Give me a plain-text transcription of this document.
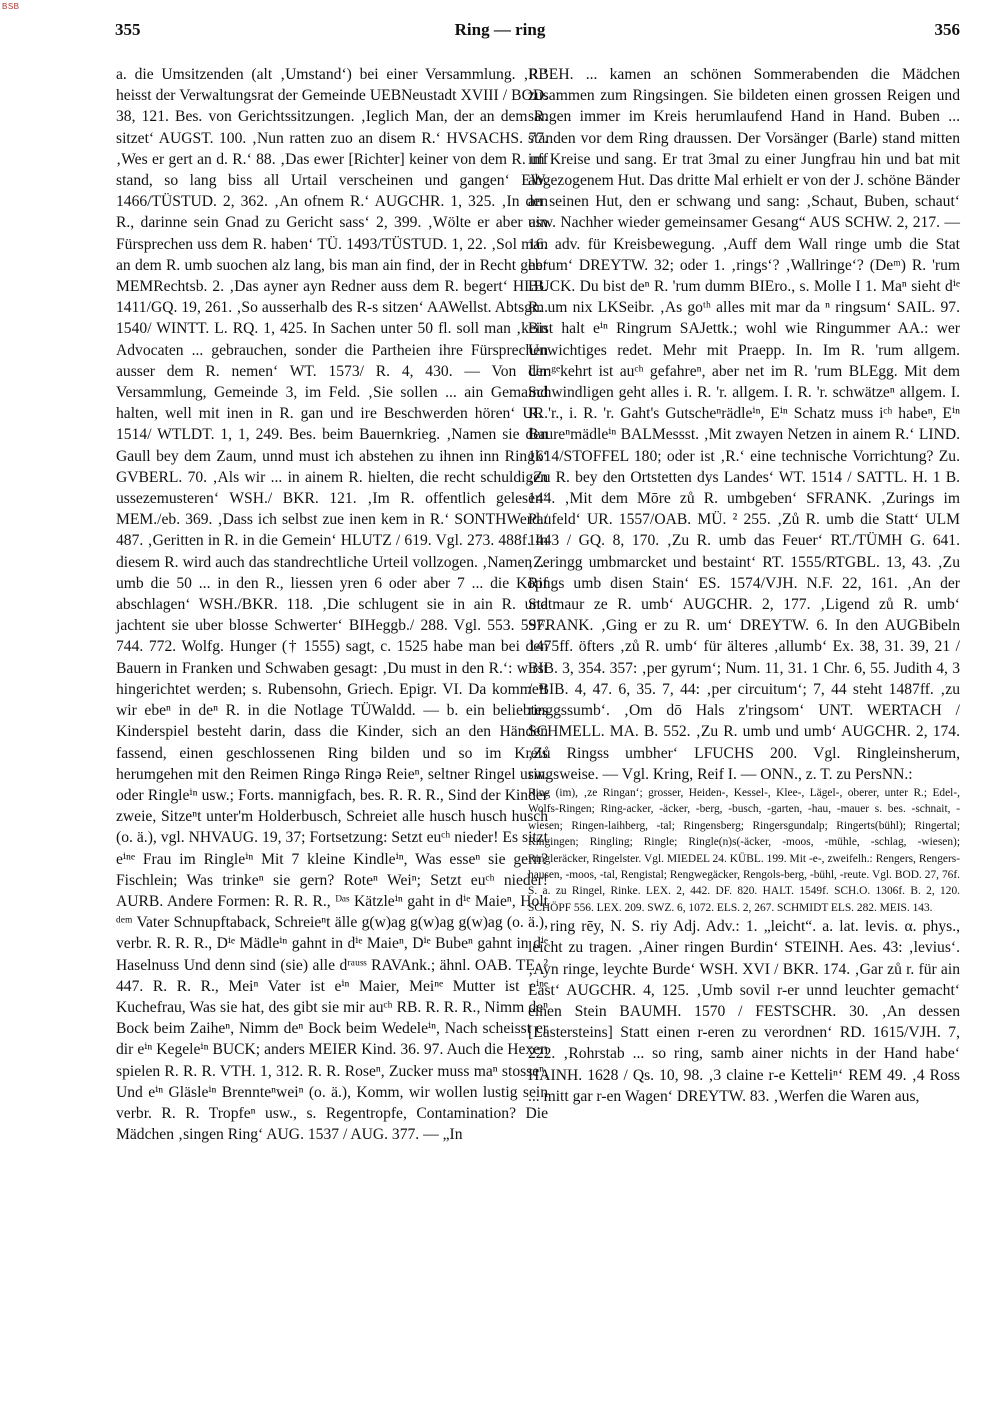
BSB
355	Ring — ring	356

a. die Umsitzenden (alt ‚Umstand‘) bei einer Versammlung. ‚R.‘ heisst der Verwaltungsrat der Gemeinde UEBNeustadt XVIII / BOD. 38, 121. Bes. von Gerichtssitzungen. ‚Ieglich Man, der an dem R. sitzet‘ AUGST. 100. ‚Nun ratten zuo an disem R.‘ HVSACHS. 77. ‚Wes er gert an d. R.‘ 88. ‚Das ewer [Richter] keiner von dem R. uff stand, so lang biss all Urtail verscheinen und gangen‘ EW. 1466/TÜSTUD. 2, 362. ‚An ofnem R.‘ AUGCHR. 1, 325. ‚In den R., darinne sein Gnad zu Gericht sass‘ 2, 399. ‚Wölte er aber ain Fürsprechen uss dem R. haben‘ TÜ. 1493/TÜSTUD. 1, 22. ‚Sol man an dem R. umb suochen alz lang, bis man ain find, der in Recht geb‘ MEMRechtsb. 2. ‚Das ayner ayn Redner auss dem R. begert‘ HLB. 1411/GQ. 19, 261. ‚So ausserhalb des R-s sitzen‘ AAWellst. Abtsgm. 1540/ WINTT. L. RQ. 1, 425. In Sachen unter 50 fl. soll man ‚kein Advocaten ... gebrauchen, sonder die Partheien ihre Fürsprechen ausser dem R. nemen‘ WT. 1573/ R. 4, 430. — Von der Versammlung, Gemeinde 3, im Feld. ‚Sie sollen ... ain Gemaind halten, well mit inen in R. gan und ire Beschwerden hören‘ UR. 1514/ WTLDT. 1, 1, 249. Bes. beim Bauernkrieg. ‚Namen sie den Gaull bey dem Zaum, unnd must ich abstehen zu ihnen inn Ringk‘ GVBERL. 70. ‚Als wir ... in ainem R. hielten, die recht schuldigen ussezemusteren‘ WSH./ BKR. 121. ‚Im R. offentlich gelesen‘ MEM./eb. 369. ‚Dass ich selbst zue inen kem in R.‘ SONTHWerd./ 487. ‚Geritten in R. in die Gemein‘ HLUTZ / 619. Vgl. 273. 488f. In diesem R. wird auch das standrechtliche Urteil vollzogen. ‚Namen ... umb die 50 ... in den R., liessen yren 6 oder aber 7 ... die Köpf abschlagen‘ WSH./BKR. 118. ‚Die schlugent sie in ain R. und jachtent sie uber blosse Schwerter‘ BIHeggb./ 288. Vgl. 553. 597. 744. 772. Wolfg. Hunger († 1555) sagt, c. 1525 habe man bei den Bauern in Franken und Schwaben gesagt: ‚Du must in den R.‘: wirst hingerichtet werden; s. Rubensohn, Griech. Epigr. VI. Da kommeⁿt wir ebeⁿ in deⁿ R. in die Notlage TÜWaldd. — b. ein beliebtes Kinderspiel besteht darin, dass die Kinder, sich an den Händen fassend, einen geschlossenen Ring bilden und so im Kreis herumgehen mit den Reimen Ringə Ringə Reieⁿ, seltner Ringel usw. oder Ringleⁱⁿ usw.; Forts. mannigfach, bes. R. R. R., Sind der Kinder zweie, Sitzeⁿt unter'm Holderbusch, Schreiet alle husch husch husch (o. ä.), vgl. NHVAUG. 19, 37; Fortsetzung: Setzt euᶜʰ nieder! Es sitzt eⁱⁿᵉ Frau im Ringleⁱⁿ Mit 7 kleine Kindleⁱⁿ, Was esseⁿ sie gern? Fischlein; Was trinkeⁿ sie gern? Roteⁿ Weiⁿ; Setzt euᶜʰ nieder! AURB. Andere Formen: R. R. R., ᴰᵃˢ Kätzleⁱⁿ gaht in dⁱᵉ Maieⁿ, Holt ᵈᵉᵐ Vater Schnupftaback, Schreieⁿt älle g(w)ag g(w)ag g(w)ag (o. ä.), verbr. R. R. R., Dⁱᵉ Mädleⁱⁿ gahnt in dⁱᵉ Maieⁿ, Dⁱᵉ Bubeⁿ gahnt in dⁱᵉ Haselnuss Und denn sind (sie) alle dʳᵃᵘˢˢ RAVAnk.; ähnl. OAB. TE. ² 447. R. R. R., Meiⁿ Vater ist eⁱⁿ Maier, Meiⁿᵉ Mutter ist eⁱⁿᵉ Kuchefrau, Was sie hat, des gibt sie mir auᶜʰ RB. R. R. R., Nimm deⁿ Bock beim Zaiheⁿ, Nimm deⁿ Bock beim Wedeleⁱⁿ, Nach scheisst er dir eⁱⁿ Kegeleⁱⁿ BUCK; anders MEIER Kind. 36. 97. Auch die Hexen spielen R. R. R. VTH. 1, 312. R. R. Roseⁿ, Zucker muss maⁿ stosseⁿ, Und eⁱⁿ Gläsleⁱⁿ Brenntеⁿweiⁿ (o. ä.), Komm, wir wollen lustig sein verbr. R. R. Tropfeⁿ usw., s. Regentropfe, Contamination? Die Mädchen ‚singen Ring‘ AUG. 1537 / AUG. 377. — „In

RBEH. ... kamen an schönen Sommerabenden die Mädchen zusammen zum Ringsingen. Sie bildeten einen grossen Reigen und sangen immer im Kreis herumlaufend Hand in Hand. Buben ... standen vor dem Ring draussen. Der Vorsänger (Barle) stand mitten im Kreise und sang. Er trat 3mal zu einer Jungfrau hin und bat mit abgezogenem Hut. Das dritte Mal erhielt er von der J. schöne Bänder an seinen Hut, den er schwang und sang: ‚Schaut, Buben, schaut‘ usw. Nachher wieder gemeinsamer Gesang“ AUS SCHW. 2, 217. — 16. adv. für Kreisbewegung. ‚Auff dem Wall ringe umb die Stat herum‘ DREYTW. 32; oder 1. ‚rings‘? ‚Wallringe‘? (Deᵐ) R. 'rum BUCK. Du bist deⁿ R. 'rum dumm BIEro., s. Molle I 1. Maⁿ sieht dⁱᵉ R. um nix LKSeibr. ‚As goᵗʰ alles mit mar da ⁿ ringsum‘ SAIL. 97. Bist halt eⁱⁿ Ringrum SAJettk.; wohl wie Ringummer AA.: wer Unwichtiges redet. Mehr mit Praepp. In. Im R. 'rum allgem. Umᵍᵉkehrt ist auᶜʰ gefahreⁿ, aber net im R. 'rum BLEgg. Mit dem Schwindligen geht alles i. R. 'r. allgem. I. R. 'r. schwätzeⁿ allgem. I. R. 'r., i. R. 'r. Gaht's Gutscheⁿrädleⁱⁿ, Eⁱⁿ Schatz muss iᶜʰ habeⁿ, Eⁱⁿ Baureⁿmädleⁱⁿ BALMessst. ‚Mit zwayen Netzen in ainem R.‘ LIND. 1614/STOFFEL 180; oder ist ‚R.‘ eine technische Vorrichtung? Zu. ‚Zu R. bey den Ortstetten dys Landes‘ WT. 1514 / SATTL. H. 1 B. 144. ‚Mit dem Mōre zů R. umbgeben‘ SFRANK. ‚Zurings im Paufeld‘ UR. 1557/OAB. MÜ. ² 255. ‚Zů R. umb die Statt‘ ULM 1443 / GQ. 8, 170. ‚Zu R. umb das Feuer‘ RT./TÜMH G. 641. ‚Zeringg umbmarcket und bestaint‘ RT. 1555/RTGBL. 13, 43. ‚Zu Rings umb disen Stain‘ ES. 1574/VJH. N.F. 22, 161. ‚An der Statmaur ze R. umb‘ AUGCHR. 2, 177. ‚Ligend zů R. umb‘ SFRANK. ‚Ging er zu R. um‘ DREYTW. 6. In den AUGBibeln 1475ff. öfters ‚zů R. umb‘ für älteres ‚allumb‘ Ex. 38, 31. 39, 21 / BIB. 3, 354. 357: ‚per gyrum‘; Num. 11, 31. 1 Chr. 6, 55. Judith 4, 3 / BIB. 4, 47. 6, 35. 7, 44: ‚per circuitum‘; 7, 44 steht 1487ff. ‚zu ringgssumb‘. ‚Om dō Hals z'ringsom‘ UNT. WERTACH / SCHMELL. MA. B. 552. ‚Zu R. umb und umb‘ AUGCHR. 2, 174. ‚Zů Ringss umbher‘ LFUCHS 200. Vgl. Ringleinsherum, ringsweise. — Vgl. Kring, Reif I. — ONN., z. T. zu PersNN.:

Ring (im), ‚ze Ringan‘; grosser, Heiden-, Kessel-, Klee-, Lägel-, oberer, unter R.; Edel-, Wolfs-Ringen; Ring-acker, -äcker, -berg, -busch, -garten, -hau, -mauer s. bes. -schnait, -wiesen; Ringen-laihberg, -tal; Ringensberg; Ringersgundalp; Ringerts(bühl); Ringertal; Ringingen; Ringling; Ringle; Ringle(n)s(-äcker, -moos, -mühle, -schlag, -wiesen); Ringleräcker, Ringelster. Vgl. MIEDEL 24. KÜBL. 199. Mit -e-, zweifelh.: Rengers, Rengers-hausen, -moos, -tal, Rengistal; Rengwegäcker, Rengols-berg, -bühl, -reute. Vgl. BOD. 27, 76f. S. a. zu Ringel, Rinke. LEX. 2, 442. DF. 820. HALT. 1549f. SCH.O. 1306f. B. 2, 120. SCHÖPF 556. LEX. 209. SWZ. 6, 1072. ELS. 2, 267. SCHMIDT ELS. 282. MEIS. 143.

ring rēy, N. S. riy Adj. Adv.: 1. „leicht“. a. lat. levis. α. phys., leicht zu tragen. ‚Ainer ringen Burdin‘ STEINH. Aes. 43: ‚levius‘. ‚Ayn ringe, leychte Burde‘ WSH. XVI / BKR. 174. ‚Gar zů r. für ain Last‘ AUGCHR. 4, 125. ‚Umb sovil r-er unnd leuchter gemacht‘ einen Stein BAUMH. 1570 / FESTSCHR. 30. ‚An dessen [Lastersteins] Statt einen r-eren zu verordnen‘ RD. 1615/VJH. 7, 222. ‚Rohrstab ... so ring, samb ainer nichts in der Hand habe‘ HAINH. 1628 / Qs. 10, 98. ‚3 claine r-e Ketteliⁿ‘ REM 49. ‚4 Ross ... mitt gar r-en Wagen‘ DREYTW. 83. ‚Werfen die Waren aus,
